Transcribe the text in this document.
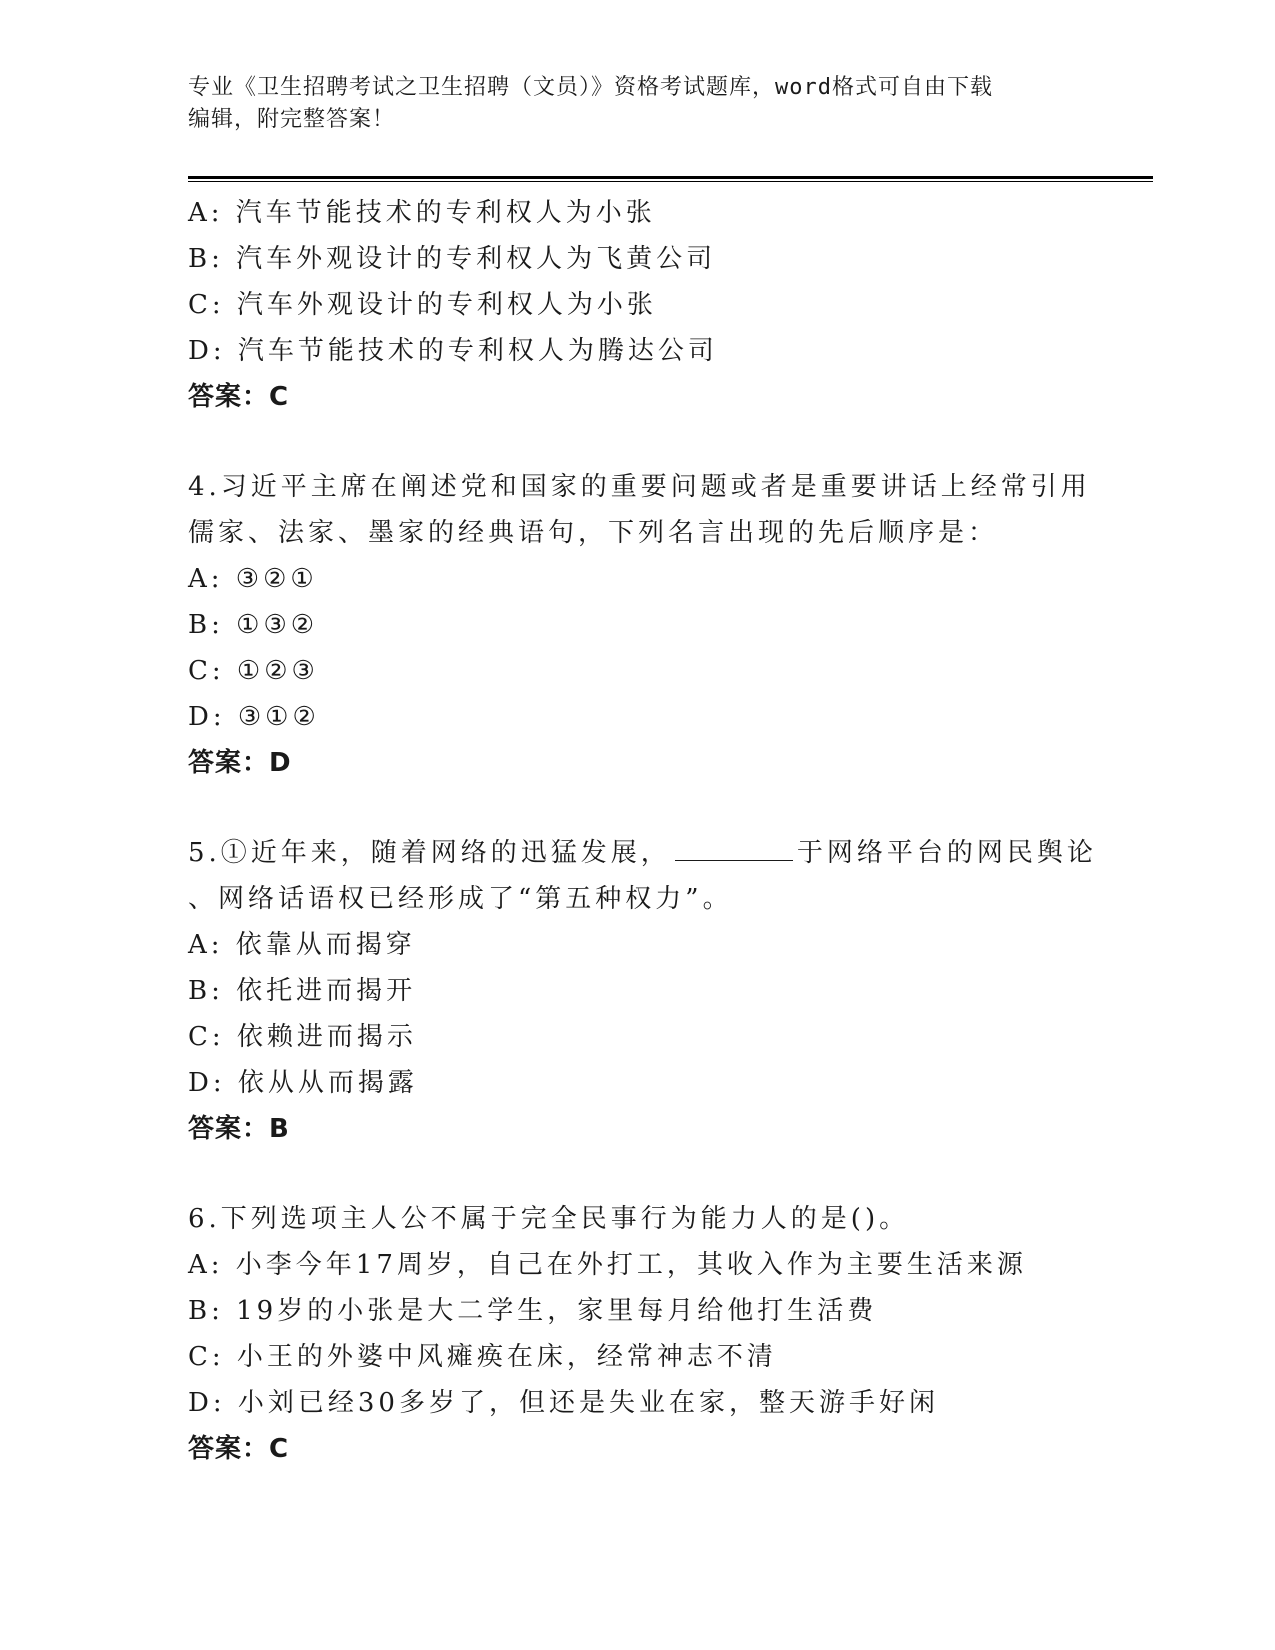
专业《卫生招聘考试之卫生招聘（文员）》资格考试题库，word格式可自由下载
编辑，附完整答案！
A: 汽车节能技术的专利权人为小张
B: 汽车外观设计的专利权人为飞黄公司
C: 汽车外观设计的专利权人为小张
D: 汽车节能技术的专利权人为腾达公司
答案：C
4.习近平主席在阐述党和国家的重要问题或者是重要讲话上经常引用
儒家、法家、墨家的经典语句，下列名言出现的先后顺序是：
A: ③②①
B: ①③②
C: ①②③
D: ③①②
答案：D
5.①近年来，随着网络的迅猛发展，	于网络平台的网民舆论
、网络话语权已经形成了“第五种权力”。
A: 依靠从而揭穿
B: 依托进而揭开
C: 依赖进而揭示
D: 依从从而揭露
答案：B
6.下列选项主人公不属于完全民事行为能力人的是()。
A: 小李今年17周岁，自己在外打工，其收入作为主要生活来源
B: 19岁的小张是大二学生，家里每月给他打生活费
C: 小王的外婆中风瘫痪在床，经常神志不清
D: 小刘已经30多岁了，但还是失业在家，整天游手好闲
答案：C
